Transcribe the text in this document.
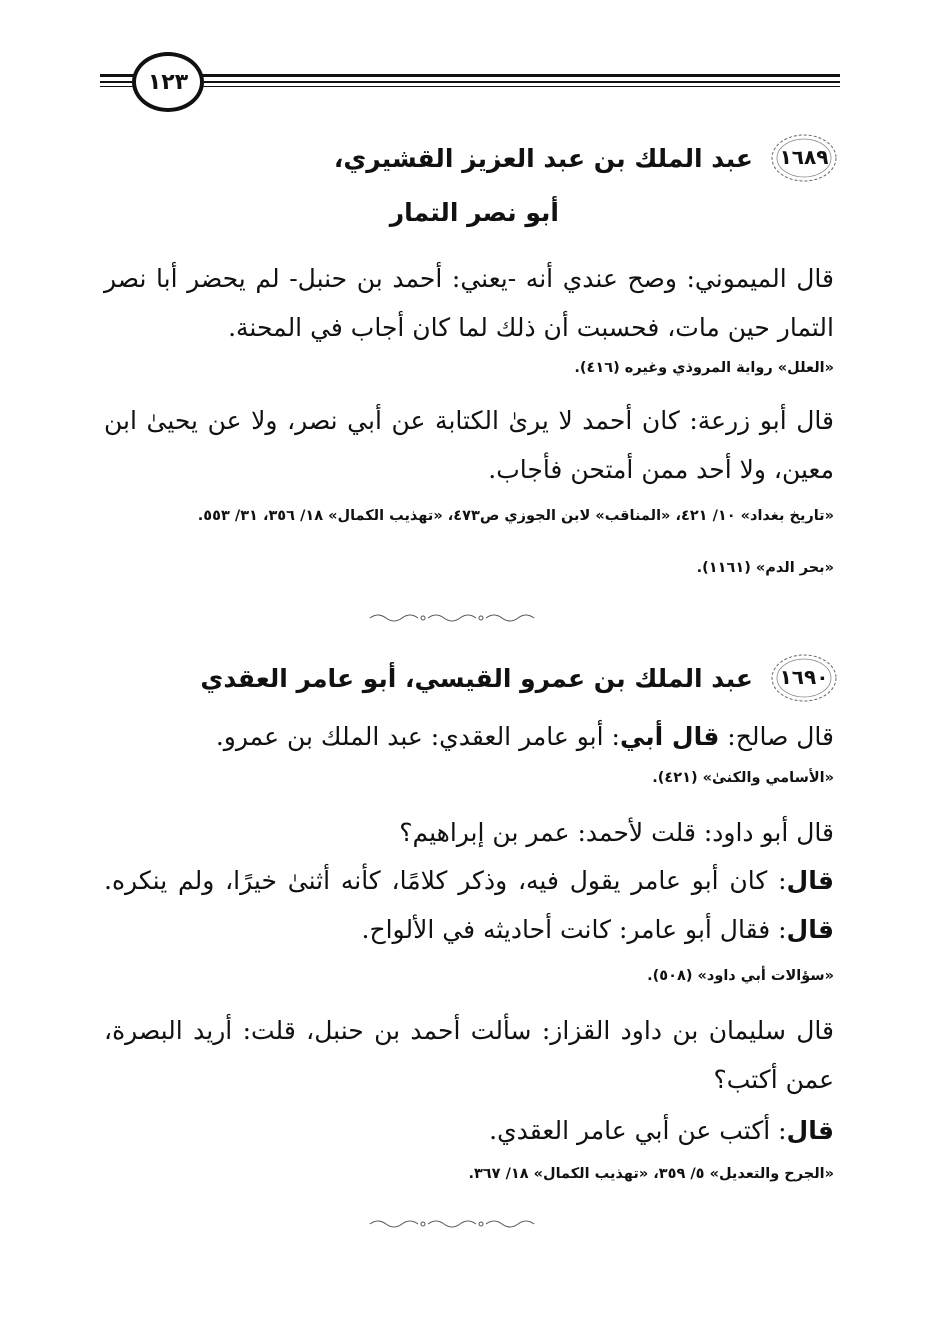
١٢٣
١٦٨٩
عبد الملك بن عبد العزيز القشيري،
أبو نصر التمار
قال الميموني: وصح عندي أنه -يعني: أحمد بن حنبل- لم يحضر أبا نصر التمار حين مات، فحسبت أن ذلك لما كان أجاب في المحنة.
«العلل» رواية المروذي وغيره (٤١٦).
قال أبو زرعة: كان أحمد لا يرىٰ الكتابة عن أبي نصر، ولا عن يحيىٰ ابن معين، ولا أحد ممن أمتحن فأجاب.
«تاريخ بغداد» ١٠/ ٤٢١، «المناقب» لابن الجوزي ص٤٧٣، «تهذيب الكمال» ١٨/ ٣٥٦، ٣١/ ٥٥٣.
«بحر الدم» (١١٦١).
١٦٩٠
عبد الملك بن عمرو القيسي، أبو عامر العقدي
قال صالح: قال أبي: أبو عامر العقدي: عبد الملك بن عمرو.
«الأسامي والكنىٰ» (٤٢١).
قال أبو داود: قلت لأحمد: عمر بن إبراهيم؟
قال: كان أبو عامر يقول فيه، وذكر كلامًا، كأنه أثنىٰ خيرًا، ولم ينكره. قال: فقال أبو عامر: كانت أحاديثه في الألواح.
«سؤالات أبي داود» (٥٠٨).
قال سليمان بن داود القزاز: سألت أحمد بن حنبل، قلت: أريد البصرة، عمن أكتب؟
قال: أكتب عن أبي عامر العقدي.
«الجرح والتعديل» ٥/ ٣٥٩، «تهذيب الكمال» ١٨/ ٣٦٧.
